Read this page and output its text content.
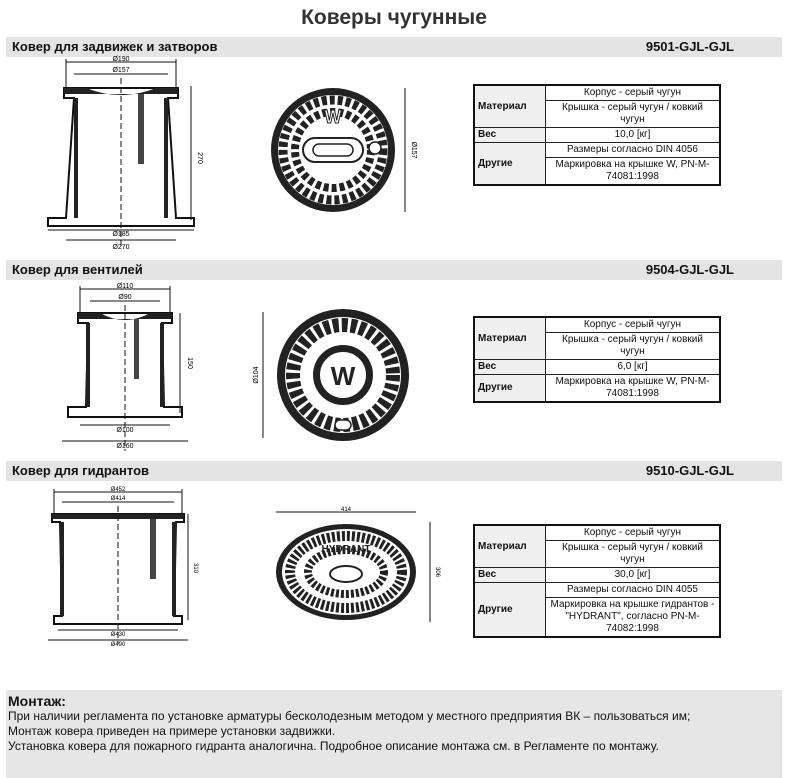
Коверы чугунные
Ковер для задвижек и затворов	9501-GJL-GJL
Ø190
Ø157
270
Ø185
Ø270
W
Ø157
Материал	Корпус - серый чугун
	Крышка - серый чугун / ковкий чугун
Вес	10,0 [кг]
Другие	Размеры согласно DIN 4056
	Маркировка на крышке W, PN-M-74081:1998
Ковер для вентилей	9504-GJL-GJL
Ø110
Ø90
150
Ø100
Ø160
Ø104	W
Материал	Корпус - серый чугун
	Крышка - серый чугун / ковкий чугун
Вес	6,0 [кг]
Другие	Маркировка на крышке W, PN-M-74081:1998
Ковер для гидрантов	9510-GJL-GJL
Ø452
Ø414
310
Ø430
Ø490
414
306
HYDRANT	Материал	Корпус - серый чугун
	Крышка - серый чугун / ковкий чугун
Вес	30,0 [кг]
Другие	Размеры согласно DIN 4055
	Маркировка на крышке гидрантов - "HYDRANT", согласно PN-M-74082:1998
Монтаж:
При наличии регламента по установке арматуры бесколодезным методом у местного предприятия ВК – пользоваться им;
Монтаж ковера приведен на примере установки задвижки.
Установка ковера для пожарного гидранта аналогична. Подробное описание монтажа см. в Регламенте по монтажу.
